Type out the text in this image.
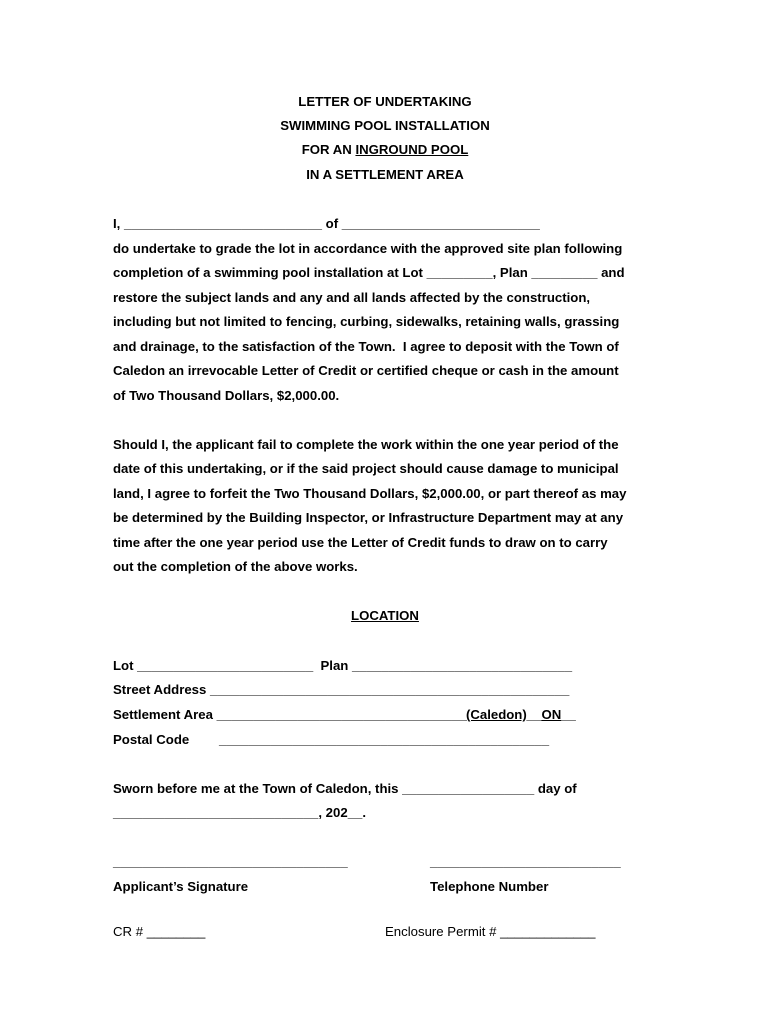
LETTER OF UNDERTAKING
SWIMMING POOL INSTALLATION
FOR AN INGROUND POOL
IN A SETTLEMENT AREA
I, ___________________________ of ___________________________
do undertake to grade the lot in accordance with the approved site plan following
completion of a swimming pool installation at Lot _________, Plan _________ and
restore the subject lands and any and all lands affected by the construction,
including but not limited to fencing, curbing, sidewalks, retaining walls, grassing
and drainage, to the satisfaction of the Town.  I agree to deposit with the Town of
Caledon an irrevocable Letter of Credit or certified cheque or cash in the amount
of Two Thousand Dollars, $2,000.00.
Should I, the applicant fail to complete the work within the one year period of the
date of this undertaking, or if the said project should cause damage to municipal
land, I agree to forfeit the Two Thousand Dollars, $2,000.00, or part thereof as may
be determined by the Building Inspector, or Infrastructure Department may at any
time after the one year period use the Letter of Credit funds to draw on to carry
out the completion of the above works.
LOCATION
Lot ________________________  Plan ______________________________
Street Address _________________________________________________
Settlement Area __________________________________(Caledon)__ON__
Postal Code _____________________________________________
Sworn before me at the Town of Caledon, this __________________ day of
____________________________, 202__.
________________________________	__________________________
Applicant’s Signature	Telephone Number
CR # ________	Enclosure Permit # _____________
